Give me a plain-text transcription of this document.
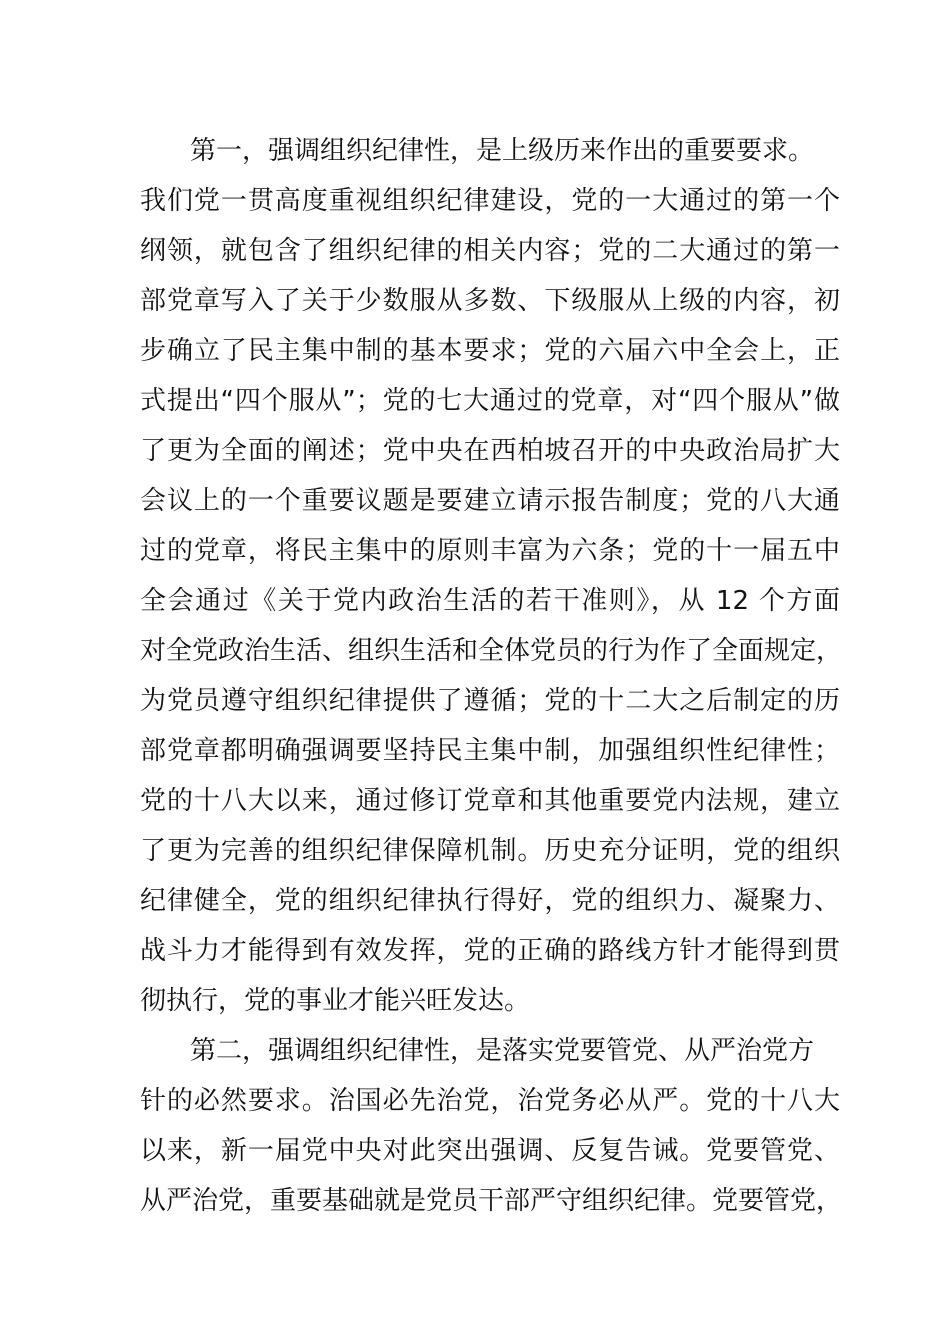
第一，强调组织纪律性，是上级历来作出的重要要求。
我们党一贯高度重视组织纪律建设，党的一大通过的第一个
纲领，就包含了组织纪律的相关内容；党的二大通过的第一
部党章写入了关于少数服从多数、下级服从上级的内容，初
步确立了民主集中制的基本要求；党的六届六中全会上，正
式提出“四个服从”；党的七大通过的党章，对“四个服从”做
了更为全面的阐述；党中央在西柏坡召开的中央政治局扩大
会议上的一个重要议题是要建立请示报告制度；党的八大通
过的党章，将民主集中的原则丰富为六条；党的十一届五中
全会通过《关于党内政治生活的若干准则》，从 12 个方面
对全党政治生活、组织生活和全体党员的行为作了全面规定，
为党员遵守组织纪律提供了遵循；党的十二大之后制定的历
部党章都明确强调要坚持民主集中制，加强组织性纪律性；
党的十八大以来，通过修订党章和其他重要党内法规，建立
了更为完善的组织纪律保障机制。历史充分证明，党的组织
纪律健全，党的组织纪律执行得好，党的组织力、凝聚力、
战斗力才能得到有效发挥，党的正确的路线方针才能得到贯
彻执行，党的事业才能兴旺发达。
第二，强调组织纪律性，是落实党要管党、从严治党方
针的必然要求。治国必先治党，治党务必从严。党的十八大
以来，新一届党中央对此突出强调、反复告诫。党要管党、
从严治党，重要基础就是党员干部严守组织纪律。党要管党，
